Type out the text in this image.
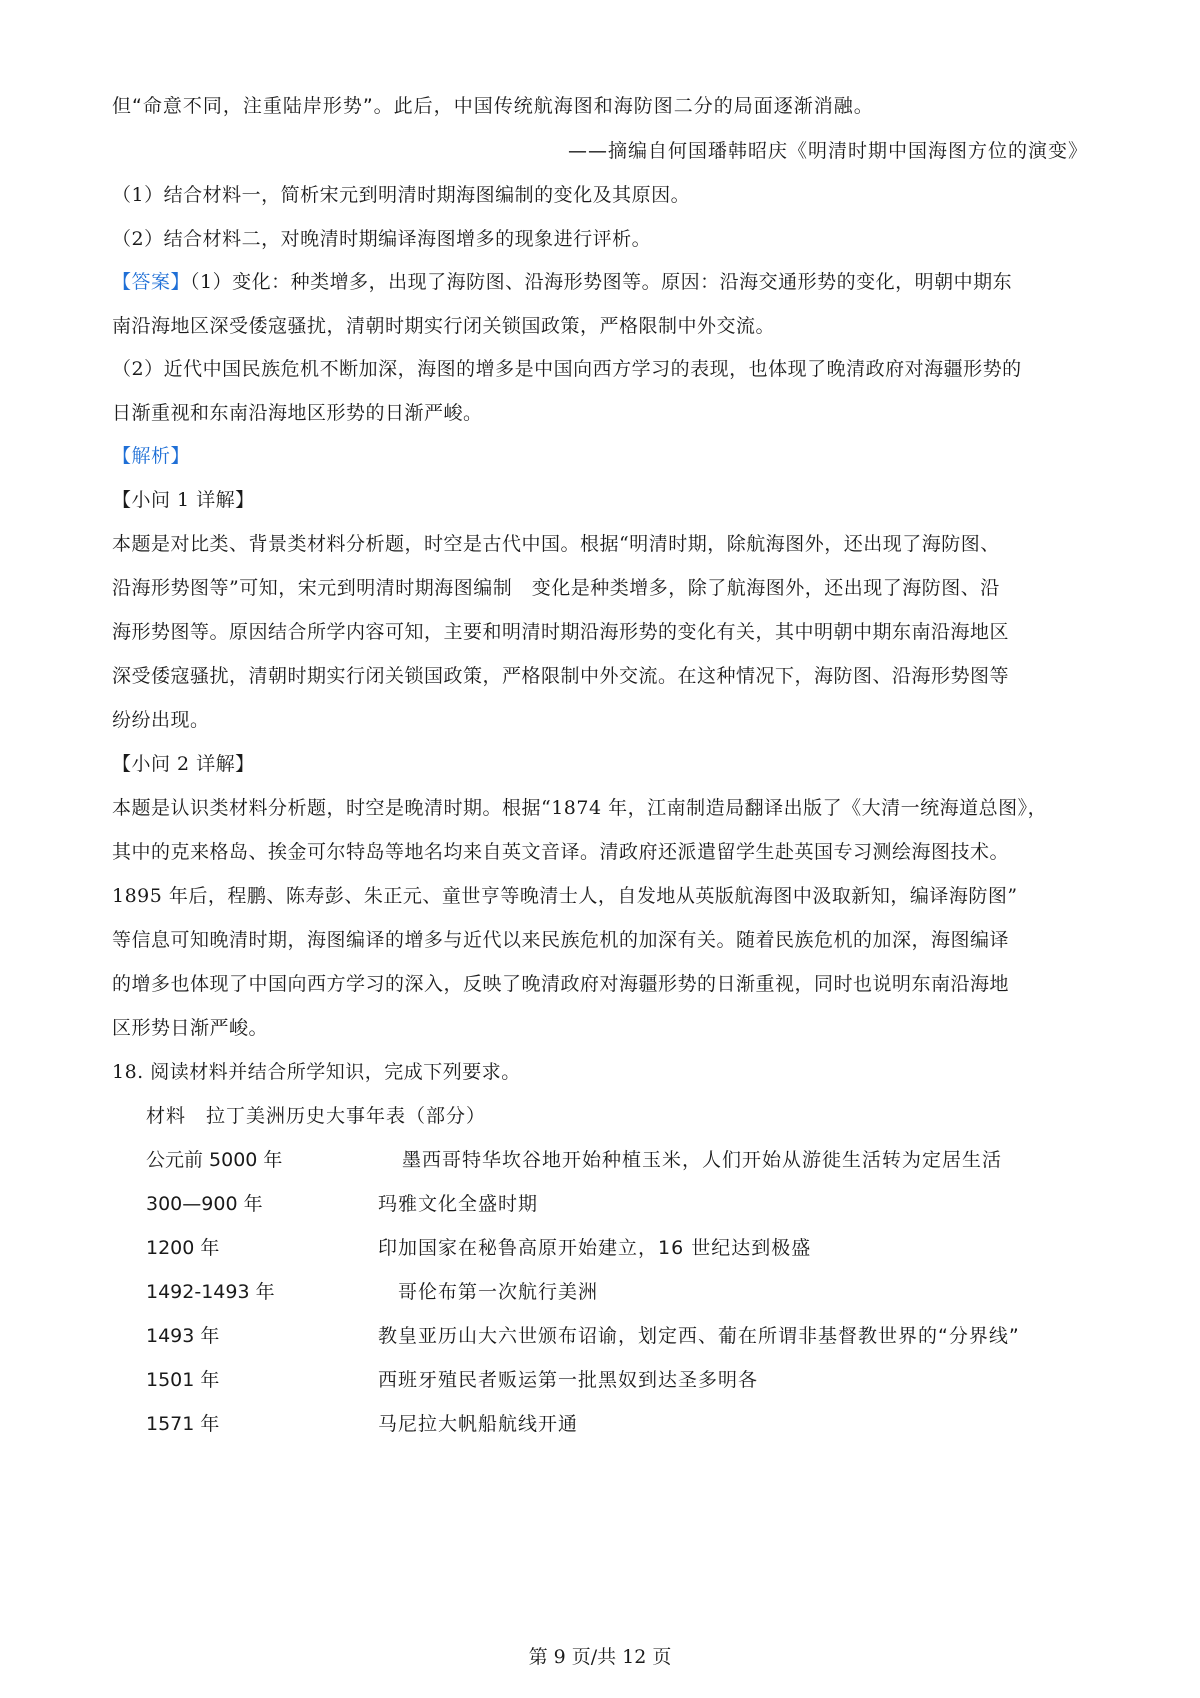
但“命意不同，注重陆岸形势”。此后，中国传统航海图和海防图二分的局面逐渐消融。
——摘编自何国璠韩昭庆《明清时期中国海图方位的演变》
（1）结合材料一，简析宋元到明清时期海图编制的变化及其原因。
（2）结合材料二，对晚清时期编译海图增多的现象进行评析。
【答案】（1）变化：种类增多，出现了海防图、沿海形势图等。原因：沿海交通形势的变化，明朝中期东
南沿海地区深受倭寇骚扰，清朝时期实行闭关锁国政策，严格限制中外交流。
（2）近代中国民族危机不断加深，海图的增多是中国向西方学习的表现，也体现了晚清政府对海疆形势的
日渐重视和东南沿海地区形势的日渐严峻。
【解析】
【小问 1 详解】
本题是对比类、背景类材料分析题，时空是古代中国。根据“明清时期，除航海图外，还出现了海防图、
沿海形势图等”可知，宋元到明清时期海图编制　变化是种类增多，除了航海图外，还出现了海防图、沿
海形势图等。原因结合所学内容可知，主要和明清时期沿海形势的变化有关，其中明朝中期东南沿海地区
深受倭寇骚扰，清朝时期实行闭关锁国政策，严格限制中外交流。在这种情况下，海防图、沿海形势图等
纷纷出现。
【小问 2 详解】
本题是认识类材料分析题，时空是晚清时期。根据“1874 年，江南制造局翻译出版了《大清一统海道总图》，
其中的克来格岛、挨金可尔特岛等地名均来自英文音译。清政府还派遣留学生赴英国专习测绘海图技术。
1895 年后，程鹏、陈寿彭、朱正元、童世亨等晚清士人，自发地从英版航海图中汲取新知，编译海防图”
等信息可知晚清时期，海图编译的增多与近代以来民族危机的加深有关。随着民族危机的加深，海图编译
的增多也体现了中国向西方学习的深入，反映了晚清政府对海疆形势的日渐重视，同时也说明东南沿海地
区形势日渐严峻。
18. 阅读材料并结合所学知识，完成下列要求。
材料　拉丁美洲历史大事年表（部分）
公元前 5000 年	墨西哥特华坎谷地开始种植玉米，人们开始从游徙生活转为定居生活
300—900 年	玛雅文化全盛时期
1200 年	印加国家在秘鲁高原开始建立，16 世纪达到极盛
1492-1493 年	哥伦布第一次航行美洲
1493 年	教皇亚历山大六世颁布诏谕，划定西、葡在所谓非基督教世界的“分界线”
1501 年	西班牙殖民者贩运第一批黑奴到达圣多明各
1571 年	马尼拉大帆船航线开通
第 9 页/共 12 页
